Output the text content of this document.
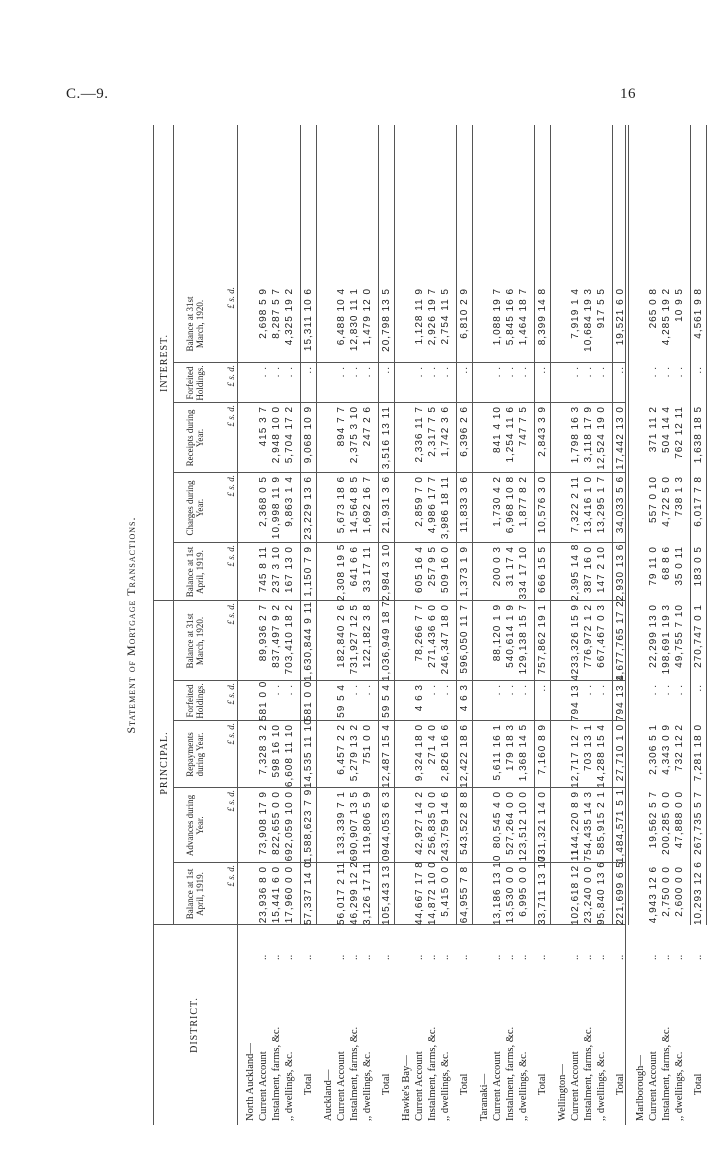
C.—9.	16
Statement of Mortgage Transactions.
DISTRICT.
PRINCIPAL.
INTEREST.
Balance at 1st April, 1919. £ s. d.
Advances during Year.
£ s. d.
Repayments during Year. £ s. d.
Forfeited Holdings. £ s. d.
Balance at 31st March, 1920.
£ s. d.
Balance at 1st April, 1919. £ s. d.
Charges during Year.
£ s. d.
Receipts during Year.
£ s. d.
Forfeited Holdings. £ s. d.
Balance at 31st March, 1920.
£ s. d.
North Auckland— Current Account
..
23,936 8 0
73,908 17 9
7,328 3 2
581 0 0
89,936 2 7
745 8 11
2,368 0 5
415 3 7
. .
2,698 5 9
Instalment, farms, &c.
..
15,441 6 0
822,655 0 0
598 16 10
. .
837,497 9 2
237 3 10
10,998 11 9
2,948 10 0
. .
8,287 5 7
,, dwellings, &c.
..
17,960 0 0
692,059 10 0
6,608 11 10
. .
703,410 18 2
167 13 0
9,863 1 4
5,704 17 2
. .
4,325 19 2
Total
..
57,337 14 0
1,588,623 7 9
14,535 11 10
581 0 0
1,630,844 9 11
1,150 7 9
23,229 13 6
9,068 10 9
..
15,311 10 6
Auckland— Current Account
..
56,017 2 11
133,339 7 1
6,457 2 2
59 5 4
182,840 2 6
2,308 19 5
5,673 18 6
894 7 7
. .
6,488 10 4
Instalment, farms, &c.
..
46,299 12 2
690,907 13 5
5,279 13 2
. .
731,927 12 5
641 6 6
14,564 8 5
2,375 3 10
. .
12,830 11 1
,, dwellings, &c.
..
3,126 17 11
119,806 5 9
751 0 0
. .
122,182 3 8
33 17 11
1,692 16 7
247 2 6
. .
1,479 12 0
Total
..
105,443 13 0
944,053 6 3
12,487 15 4
59 5 4
1,036,949 18 7
2,984 3 10
21,931 3 6
3,516 13 11
..
20,798 13 5
Hawke's Bay— Current Account
..
44,667 17 8
42,927 14 2
9,324 18 0
4 6 3
78,266 7 7
605 16 4
2,859 7 0
2,336 11 7
. .
1,128 11 9
Instalment, farms, &c.
..
14,872 10 0
256,835 0 0
271 4 0
. .
271,436 6 0
257 9 5
4,986 17 7
2,317 7 5
. .
2,926 19 7
,, dwellings, &c.
..
5,415 0 0
243,759 14 6
2,826 16 6
. .
246,347 18 0
509 16 0
3,986 18 11
1,742 3 6
. .
2,754 11 5
Total
..
64,955 7 8
543,522 8 8
12,422 18 6
4 6 3
596,050 11 7
1,373 1 9
11,833 3 6
6,396 2 6
..
6,810 2 9
Taranaki— Current Account
..
13,186 13 10
80,545 4 0
5,611 16 1
. .
88,120 1 9
200 0 3
1,730 4 2
841 4 10
. .
1,088 19 7
Instalment, farms, &c.
..
13,530 0 0
527,264 0 0
179 18 3
. .
540,614 1 9
31 17 4
6,968 10 8
1,254 11 6
. .
5,845 16 6
,, dwellings, &c.
..
6,995 0 0
123,512 10 0
1,368 14 5
. .
129,138 15 7
334 17 10
1,877 8 2
747 7 5
. .
1,464 18 7
Total
..
33,711 13 10
731,321 14 0
7,160 8 9
..
757,862 19 1
666 15 5
10,576 3 0
2,843 3 9
..
8,399 14 8
Wellington— Current Account
..
102,618 12 11
144,220 8 9
12,717 12 7
794 13 4
233,326 15 9
2,395 14 8
7,322 2 11
1,798 16 3
. .
7,919 1 4
Instalment, farms, &c.
..
23,240 0 0
754,435 14 3
703 13 1
. .
776,972 1 2
387 16 0
13,416 1 0
3,118 17 9
. .
10,684 19 3
,, dwellings, &c.
..
95,840 13 6
585,915 2 1
14,288 15 4
. .
667,467 0 3
147 2 10
13,295 1 7
12,524 19 0
. .
917 5 5
Total
..
221,699 6 5
1,484,571 5 1
27,710 1 0
794 13 4
1,677,765 17 2
2,930 13 6
34,033 5 6
17,442 13 0
..
19,521 6 0
Marlborough— Current Account
..
4,943 12 6
19,562 5 7
2,306 5 1
. .
22,299 13 0
79 11 0
557 0 10
371 11 2
. .
265 0 8
Instalment, farms, &c.
..
2,750 0 0
200,285 0 0
4,343 0 9
. .
198,691 19 3
68 8 6
4,722 5 0
504 14 4
. .
4,285 19 2
,, dwellings, &c.
..
2,600 0 0
47,888 0 0
732 12 2
. .
49,755 7 10
35 0 11
738 1 3
762 12 11
. .
10 9 5
Total
..
10,293 12 6
267,735 5 7
7,281 18 0
..
270,747 0 1
183 0 5
6,017 7 8
1,638 18 5
..
4,561 9 8
